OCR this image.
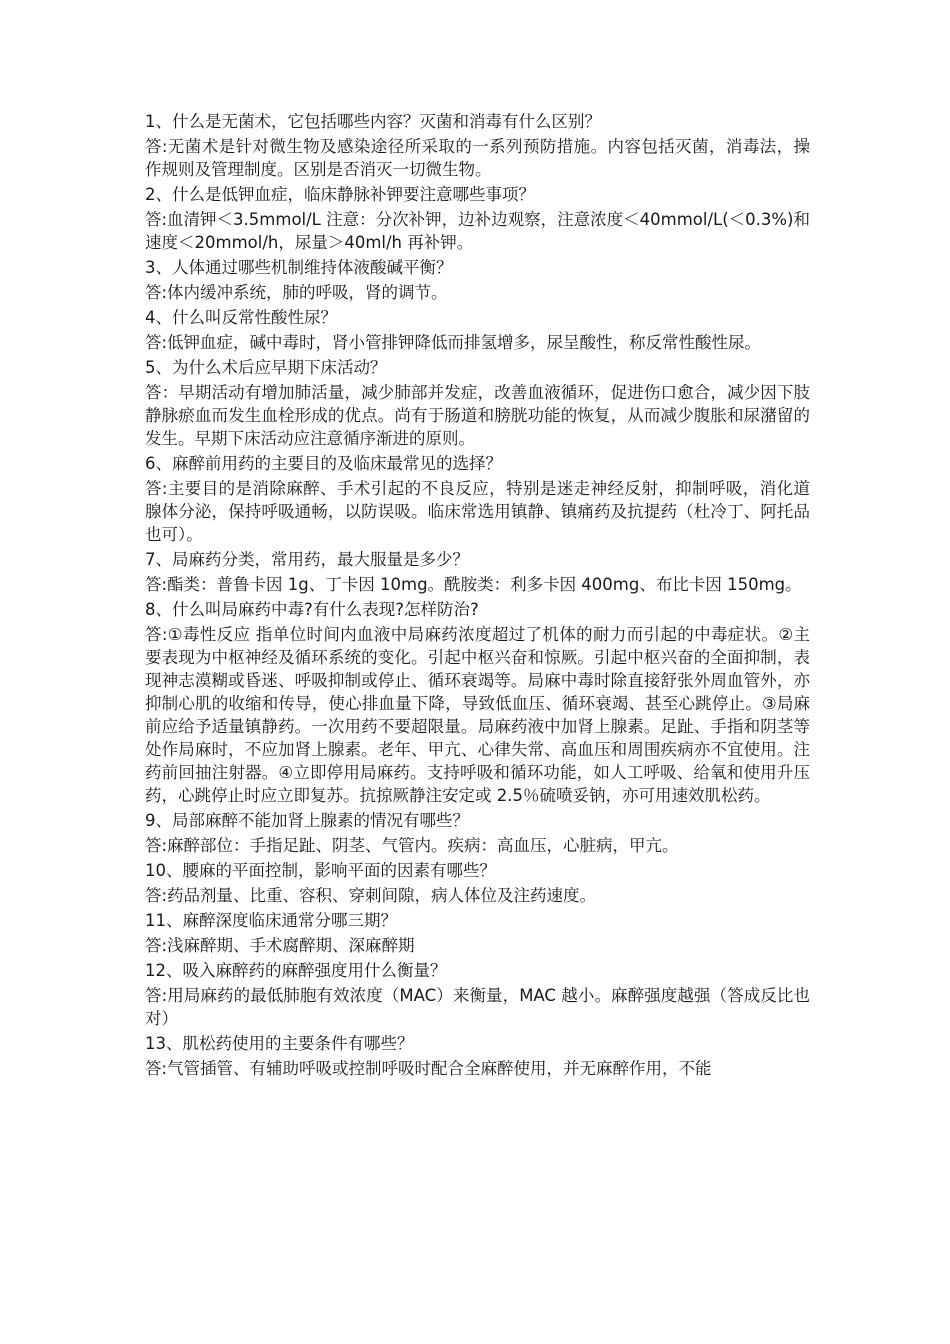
1、什么是无菌术，它包括哪些内容？灭菌和消毒有什么区别？

答:无菌术是针对微生物及感染途径所采取的一系列预防措施。内容包括灭菌，消毒法，操作规则及管理制度。区别是否消灭一切微生物。

2、什么是低钾血症，临床静脉补钾要注意哪些事项？

答:血清钾＜3.5mmol/L 注意：分次补钾，边补边观察，注意浓度＜40mmol/L(＜0.3%)和速度＜20mmol/h，尿量＞40ml/h 再补钾。

3、人体通过哪些机制维持体液酸碱平衡？

答:体内缓冲系统，肺的呼吸，肾的调节。

4、什么叫反常性酸性尿？

答:低钾血症，碱中毒时，肾小管排钾降低而排氢增多，尿呈酸性，称反常性酸性尿。

5、为什么术后应早期下床活动？

答：早期活动有增加肺活量，减少肺部并发症，改善血液循环，促进伤口愈合，减少因下肢静脉瘀血而发生血栓形成的优点。尚有于肠道和膀胱功能的恢复，从而减少腹胀和尿潴留的发生。早期下床活动应注意循序渐进的原则。

6、麻醉前用药的主要目的及临床最常见的选择？

答:主要目的是消除麻醉、手术引起的不良反应，特别是迷走神经反射，抑制呼吸，消化道腺体分泌，保持呼吸通畅，以防误吸。临床常选用镇静、镇痛药及抗提药（杜冷丁、阿托品也可）。

7、局麻药分类，常用药，最大服量是多少？

答:酯类：普鲁卡因 1g、丁卡因 10mg。酰胺类：利多卡因 400mg、布比卡因 150mg。

8、什么叫局麻药中毒?有什么表现?怎样防治?

答:①毒性反应 指单位时间内血液中局麻药浓度超过了机体的耐力而引起的中毒症状。②主要表现为中枢神经及循环系统的变化。引起中枢兴奋和惊厥。引起中枢兴奋的全面抑制，表现神志漠糊或昏迷、呼吸抑制或停止、循环衰竭等。局麻中毒时除直接舒张外周血管外，亦抑制心肌的收缩和传导，使心排血量下降，导致低血压、循环衰竭、甚至心跳停止。③局麻前应给予适量镇静药。一次用药不要超限量。局麻药液中加肾上腺素。足趾、手指和阴茎等处作局麻时，不应加肾上腺素。老年、甲亢、心律失常、高血压和周围疾病亦不宜使用。注药前回抽注射器。④立即停用局麻药。支持呼吸和循环功能，如人工呼吸、给氧和使用升压药，心跳停止时应立即复苏。抗掠厥静注安定或 2.5％硫喷妥钠，亦可用速效肌松药。

9、局部麻醉不能加肾上腺素的情况有哪些？

答:麻醉部位：手指足趾、阴茎、气管内。疾病：高血压，心脏病，甲亢。

10、腰麻的平面控制，影响平面的因素有哪些？

答:药品剂量、比重、容积、穿刺间隙，病人体位及注药速度。

11、麻醉深度临床通常分哪三期？

答:浅麻醉期、手术腐醉期、深麻醉期

12、吸入麻醉药的麻醉强度用什么衡量？

答:用局麻药的最低肺胞有效浓度（MAC）来衡量，MAC 越小。麻醉强度越强（答成反比也对）

13、肌松药使用的主要条件有哪些？

答:气管插管、有辅助呼吸或控制呼吸时配合全麻醉使用，并无麻醉作用，不能
